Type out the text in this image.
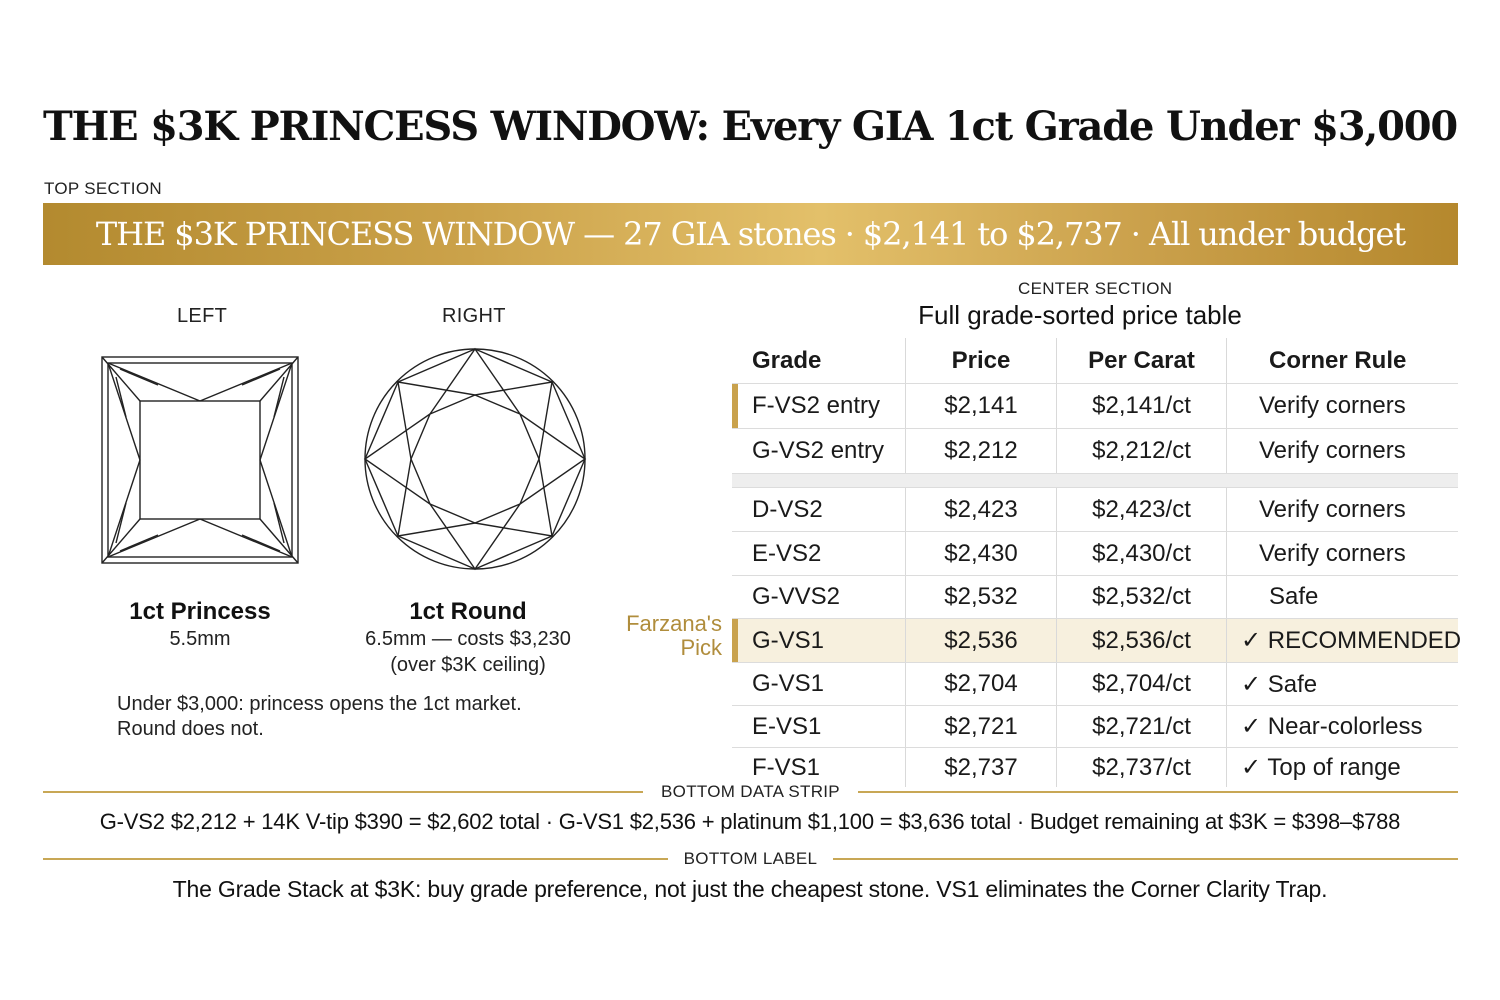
THE $3K PRINCESS WINDOW: Every GIA 1ct Grade Under $3,000
TOP SECTION
THE $3K PRINCESS WINDOW — 27 GIA stones · $2,141 to $2,737 · All under budget
LEFT
1ct Princess
5.5mm
RIGHT
1ct Round
6.5mm — costs $3,230
(over $3K ceiling)
Under $3,000: princess opens the 1ct market.
Round does not.
CENTER SECTION
Full grade-sorted price table
Farzana's
Pick
Grade	Price	Per Carat	Corner Rule
F-VS2 entry	$2,141	$2,141/ct	Verify corners
G-VS2 entry	$2,212	$2,212/ct	Verify corners
D-VS2	$2,423	$2,423/ct	Verify corners
E-VS2	$2,430	$2,430/ct	Verify corners
G-VVS2	$2,532	$2,532/ct	Safe
G-VS1	$2,536	$2,536/ct	✓ RECOMMENDED
G-VS1	$2,704	$2,704/ct	✓ Safe
E-VS1	$2,721	$2,721/ct	✓ Near-colorless
F-VS1	$2,737	$2,737/ct	✓ Top of range
BOTTOM DATA STRIP
G-VS2 $2,212 + 14K V-tip $390 = $2,602 total · G-VS1 $2,536 + platinum $1,100 = $3,636 total · Budget remaining at $3K = $398–$788
BOTTOM LABEL
The Grade Stack at $3K: buy grade preference, not just the cheapest stone. VS1 eliminates the Corner Clarity Trap.
